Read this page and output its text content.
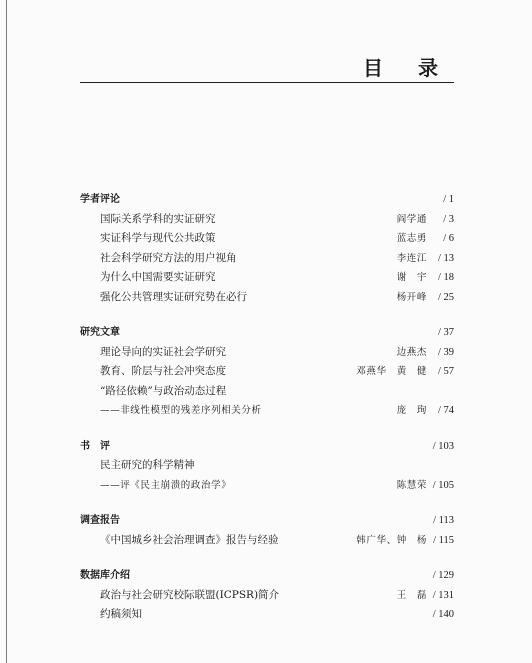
目 录
学者评论	/ 1
国际关系学科的实证研究	阎学通 / 3
实证科学与现代公共政策	蓝志勇 / 6
社会科学研究方法的用户视角	李连江 / 13
为什么中国需要实证研究	谢　宇 / 18
强化公共管理实证研究势在必行	杨开峰 / 25
研究文章	/ 37
理论导向的实证社会学研究	边燕杰 / 39
教育、阶层与社会冲突态度	邓燕华　黄　健 / 57
“路径依赖”与政治动态过程
——非线性模型的残差序列相关分析	庞　珣 / 74
书　评	/ 103
民主研究的科学精神
——评《民主崩溃的政治学》	陈慧荣 / 105
调查报告	/ 113
《中国城乡社会治理调查》报告与经验	韩广华、钟　杨 / 115
数据库介绍	/ 129
政治与社会研究校际联盟(ICPSR)简介	王　磊 / 131
约稿须知	/ 140
